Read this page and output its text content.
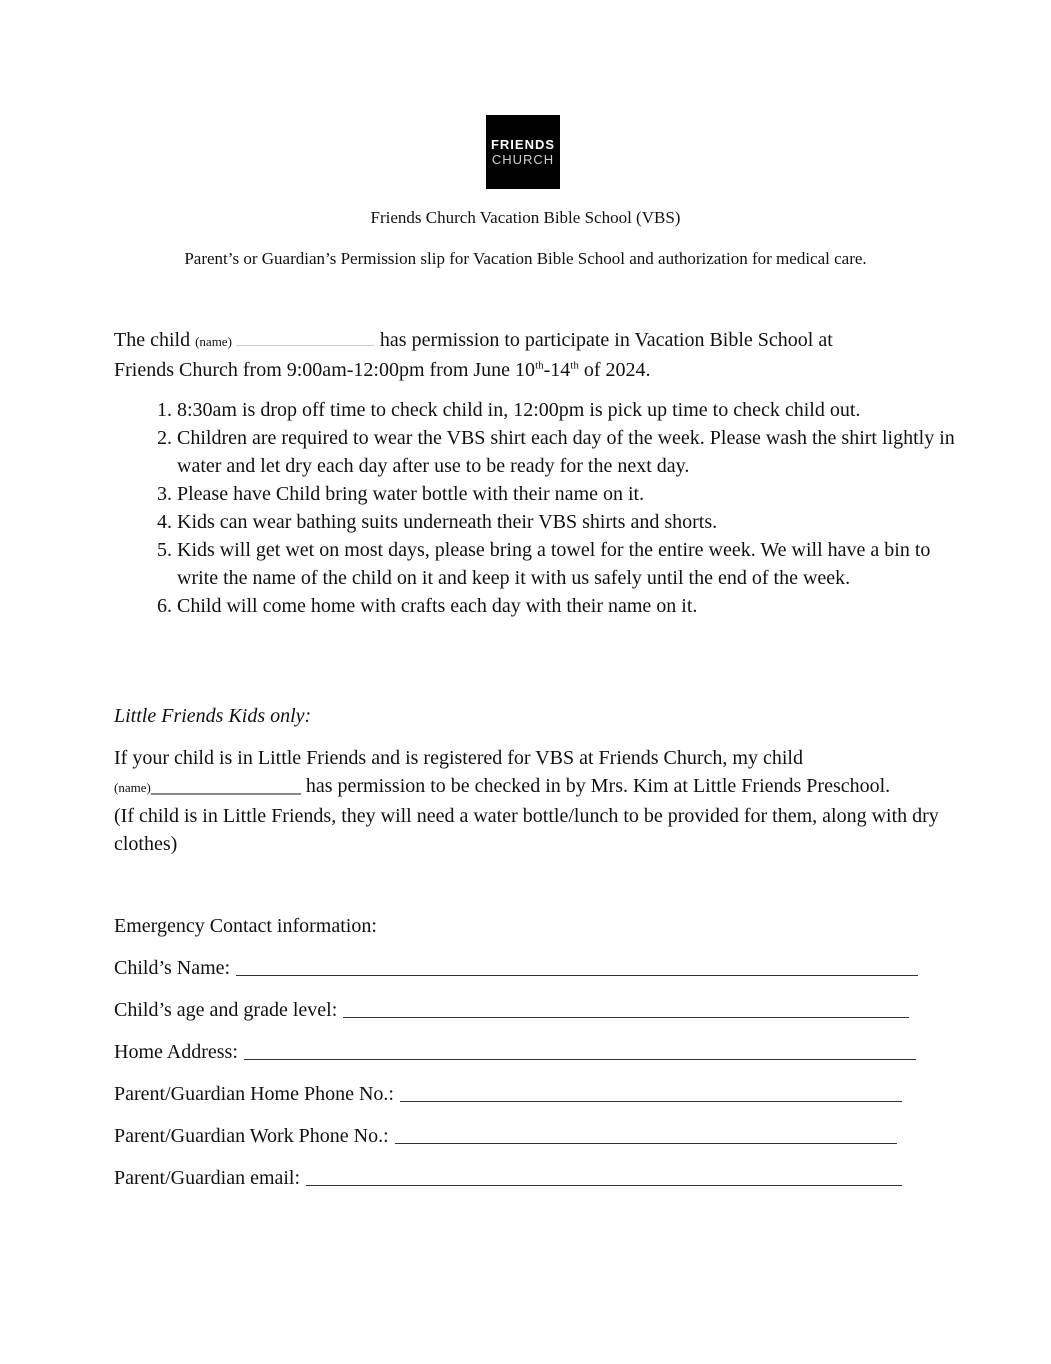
FRIENDS
CHURCH
Friends Church Vacation Bible School (VBS)
Parent’s or Guardian’s Permission slip for Vacation Bible School and authorization for medical care.
The child (name)	has permission to participate in Vacation Bible School at
Friends Church from 9:00am-12:00pm from June 10th-14th of 2024.
1. 8:30am is drop off time to check child in, 12:00pm is pick up time to check child out.
2. Children are required to wear the VBS shirt each day of the week. Please wash the shirt lightly in water and let dry each day after use to be ready for the next day.
3. Please have Child bring water bottle with their name on it.
4. Kids can wear bathing suits underneath their VBS shirts and shorts.
5. Kids will get wet on most days, please bring a towel for the entire week. We will have a bin to write the name of the child on it and keep it with us safely until the end of the week.
6. Child will come home with crafts each day with their name on it.
Little Friends Kids only:
If your child is in Little Friends and is registered for VBS at Friends Church, my child
(name)_______________ has permission to be checked in by Mrs. Kim at Little Friends Preschool.
(If child is in Little Friends, they will need a water bottle/lunch to be provided for them, along with dry clothes)
Emergency Contact information:
Child’s Name:
Child’s age and grade level:
Home Address:
Parent/Guardian Home Phone No.:
Parent/Guardian Work Phone No.:
Parent/Guardian email:
